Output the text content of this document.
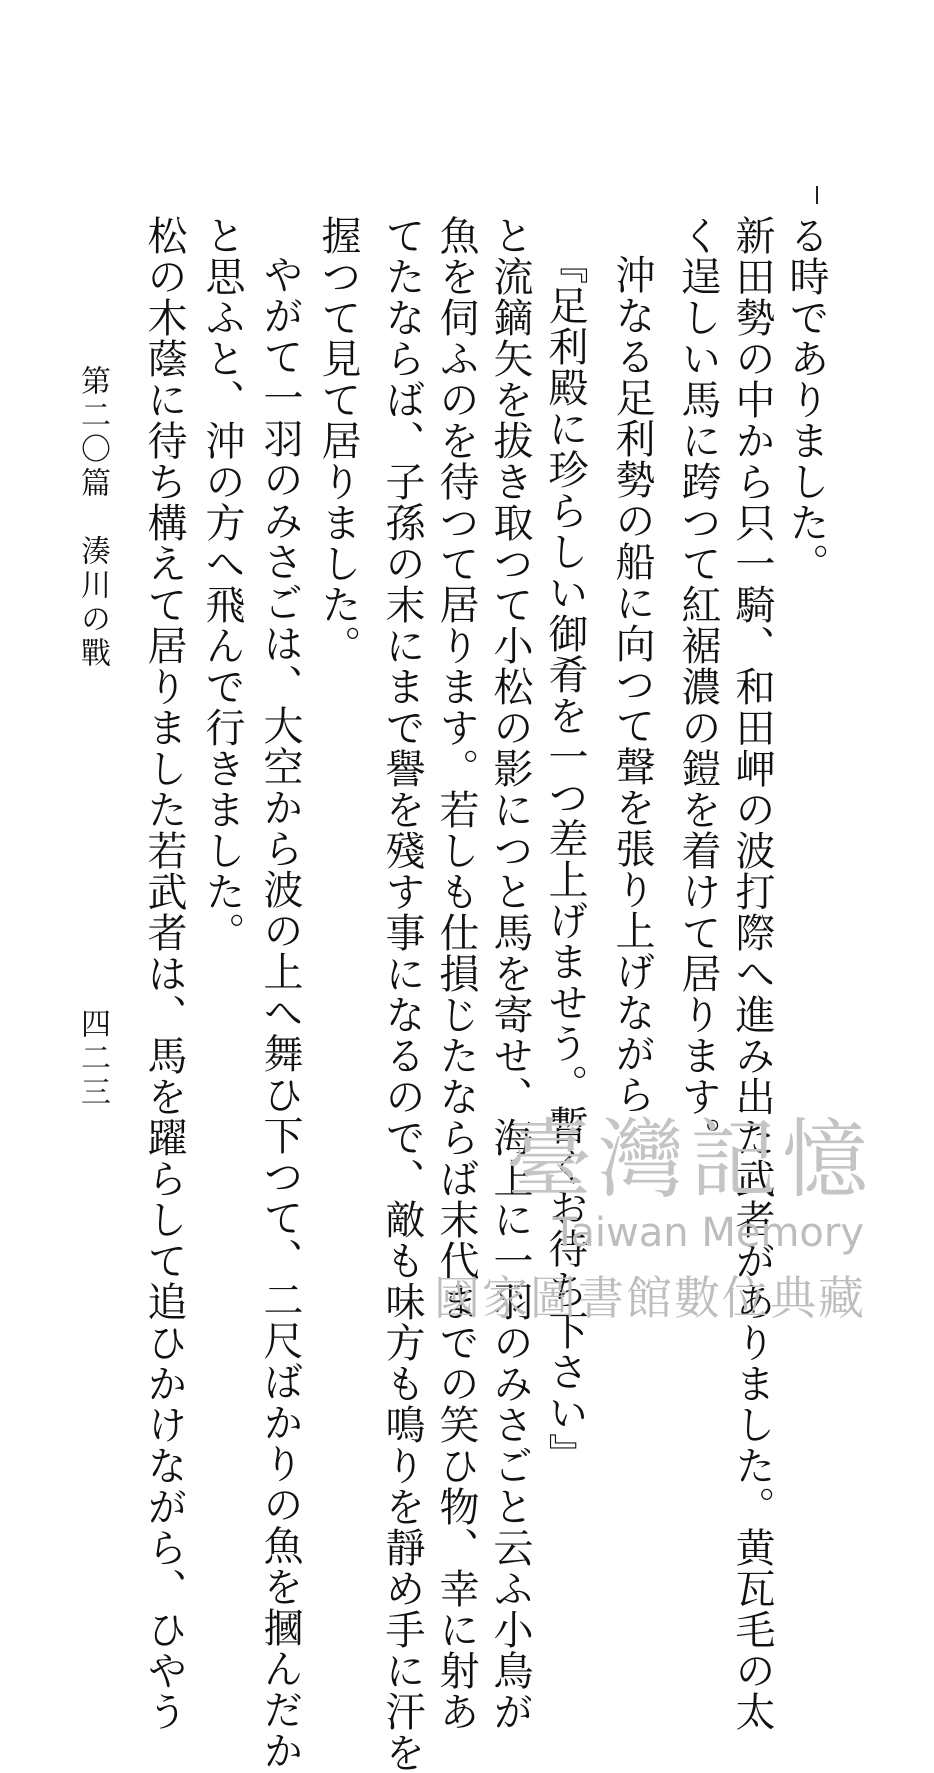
る時でありました。
新田勢の中から只一騎、和田岬の波打際へ進み出た武者がありました。黄瓦毛の太
く逞しい馬に跨つて紅裾濃の鎧を着けて居ります。
沖なる足利勢の船に向つて聲を張り上げながら
『足利殿に珍らしい御肴を一つ差上げませう。暫くお待ち下さい』
と流鏑矢を拔き取つて小松の影につと馬を寄せ、海上に一羽のみさごと云ふ小鳥が
魚を伺ふのを待つて居ります。若しも仕損じたならば末代までの笑ひ物、幸に射あ
てたならば、子孫の末にまで譽を殘す事になるので、敵も味方も鳴りを靜め手に汗を
握つて見て居りました。
やがて一羽のみさごは、大空から波の上へ舞ひ下つて、二尺ばかりの魚を摑んだか
と思ふと、沖の方へ飛んで行きました。
松の木蔭に待ち構えて居りました若武者は、馬を躍らして追ひかけながら、ひやう
第二〇篇　湊川の戰
四二三
臺灣記憶
Taiwan Memory
國家圖書館數位典藏
